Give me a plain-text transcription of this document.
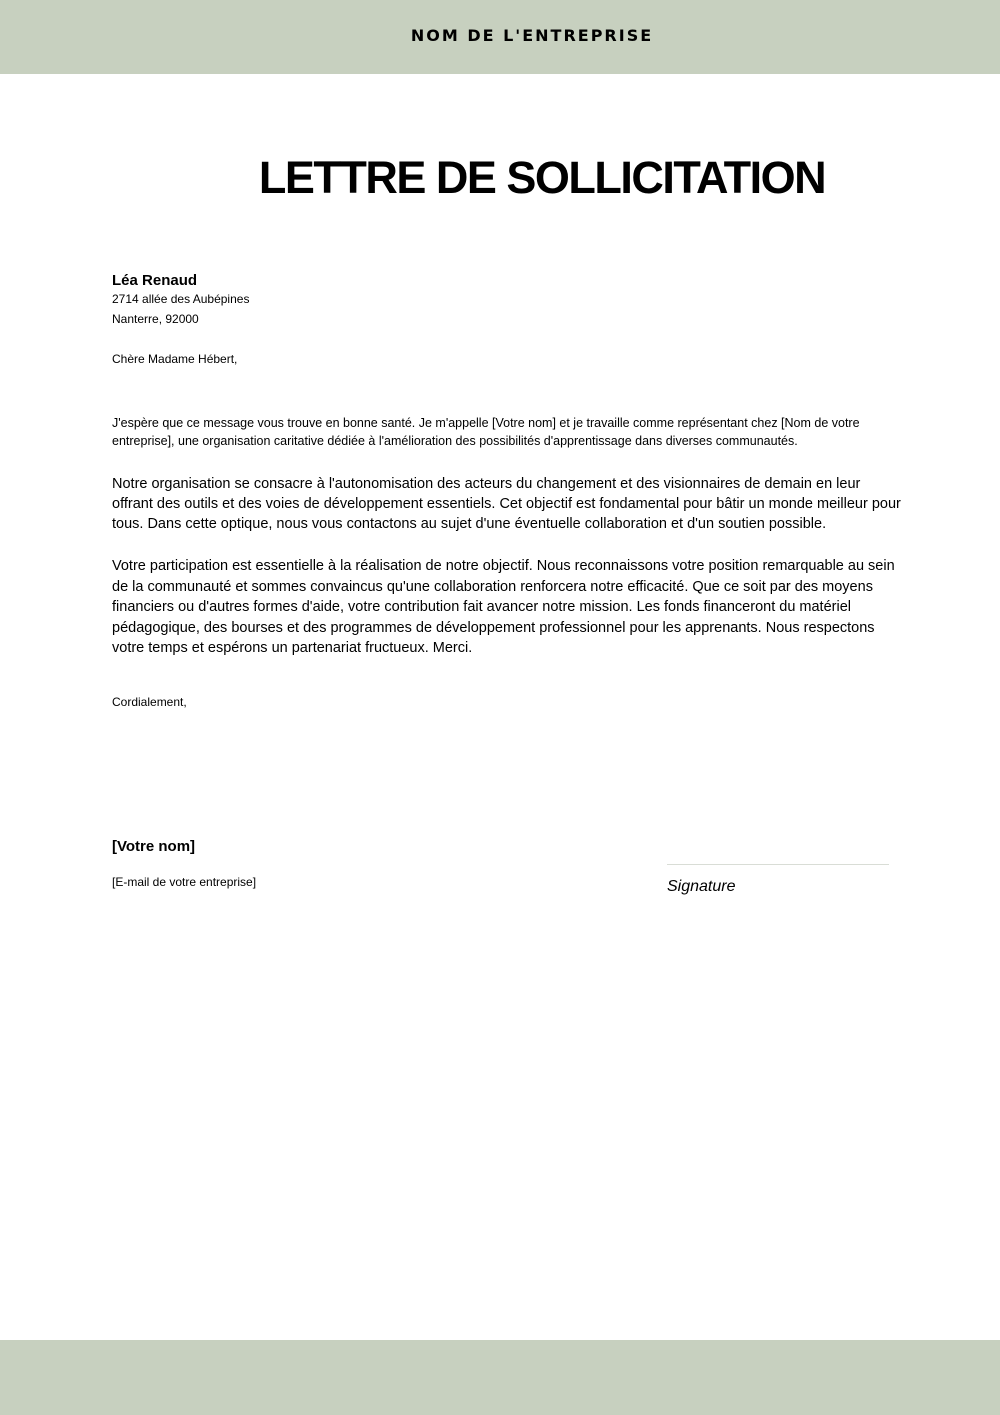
NOM DE L'ENTREPRISE
LETTRE DE SOLLICITATION
Léa Renaud
2714 allée des Aubépines
Nanterre, 92000
Chère Madame Hébert,

J'espère que ce message vous trouve en bonne santé. Je m'appelle [Votre nom] et je travaille comme représentant chez [Nom de votre entreprise], une organisation caritative dédiée à l'amélioration des possibilités d'apprentissage dans diverses communautés.

Notre organisation se consacre à l'autonomisation des acteurs du changement et des visionnaires de demain en leur offrant des outils et des voies de développement essentiels. Cet objectif est fondamental pour bâtir un monde meilleur pour tous. Dans cette optique, nous vous contactons au sujet d'une éventuelle collaboration et d'un soutien possible.

Votre participation est essentielle à la réalisation de notre objectif. Nous reconnaissons votre position remarquable au sein de la communauté et sommes convaincus qu'une collaboration renforcera notre efficacité. Que ce soit par des moyens financiers ou d'autres formes d'aide, votre contribution fait avancer notre mission. Les fonds financeront du matériel pédagogique, des bourses et des programmes de développement professionnel pour les apprenants. Nous respectons votre temps et espérons un partenariat fructueux. Merci.

Cordialement,
[Votre nom]
[E-mail de votre entreprise]	Signature
